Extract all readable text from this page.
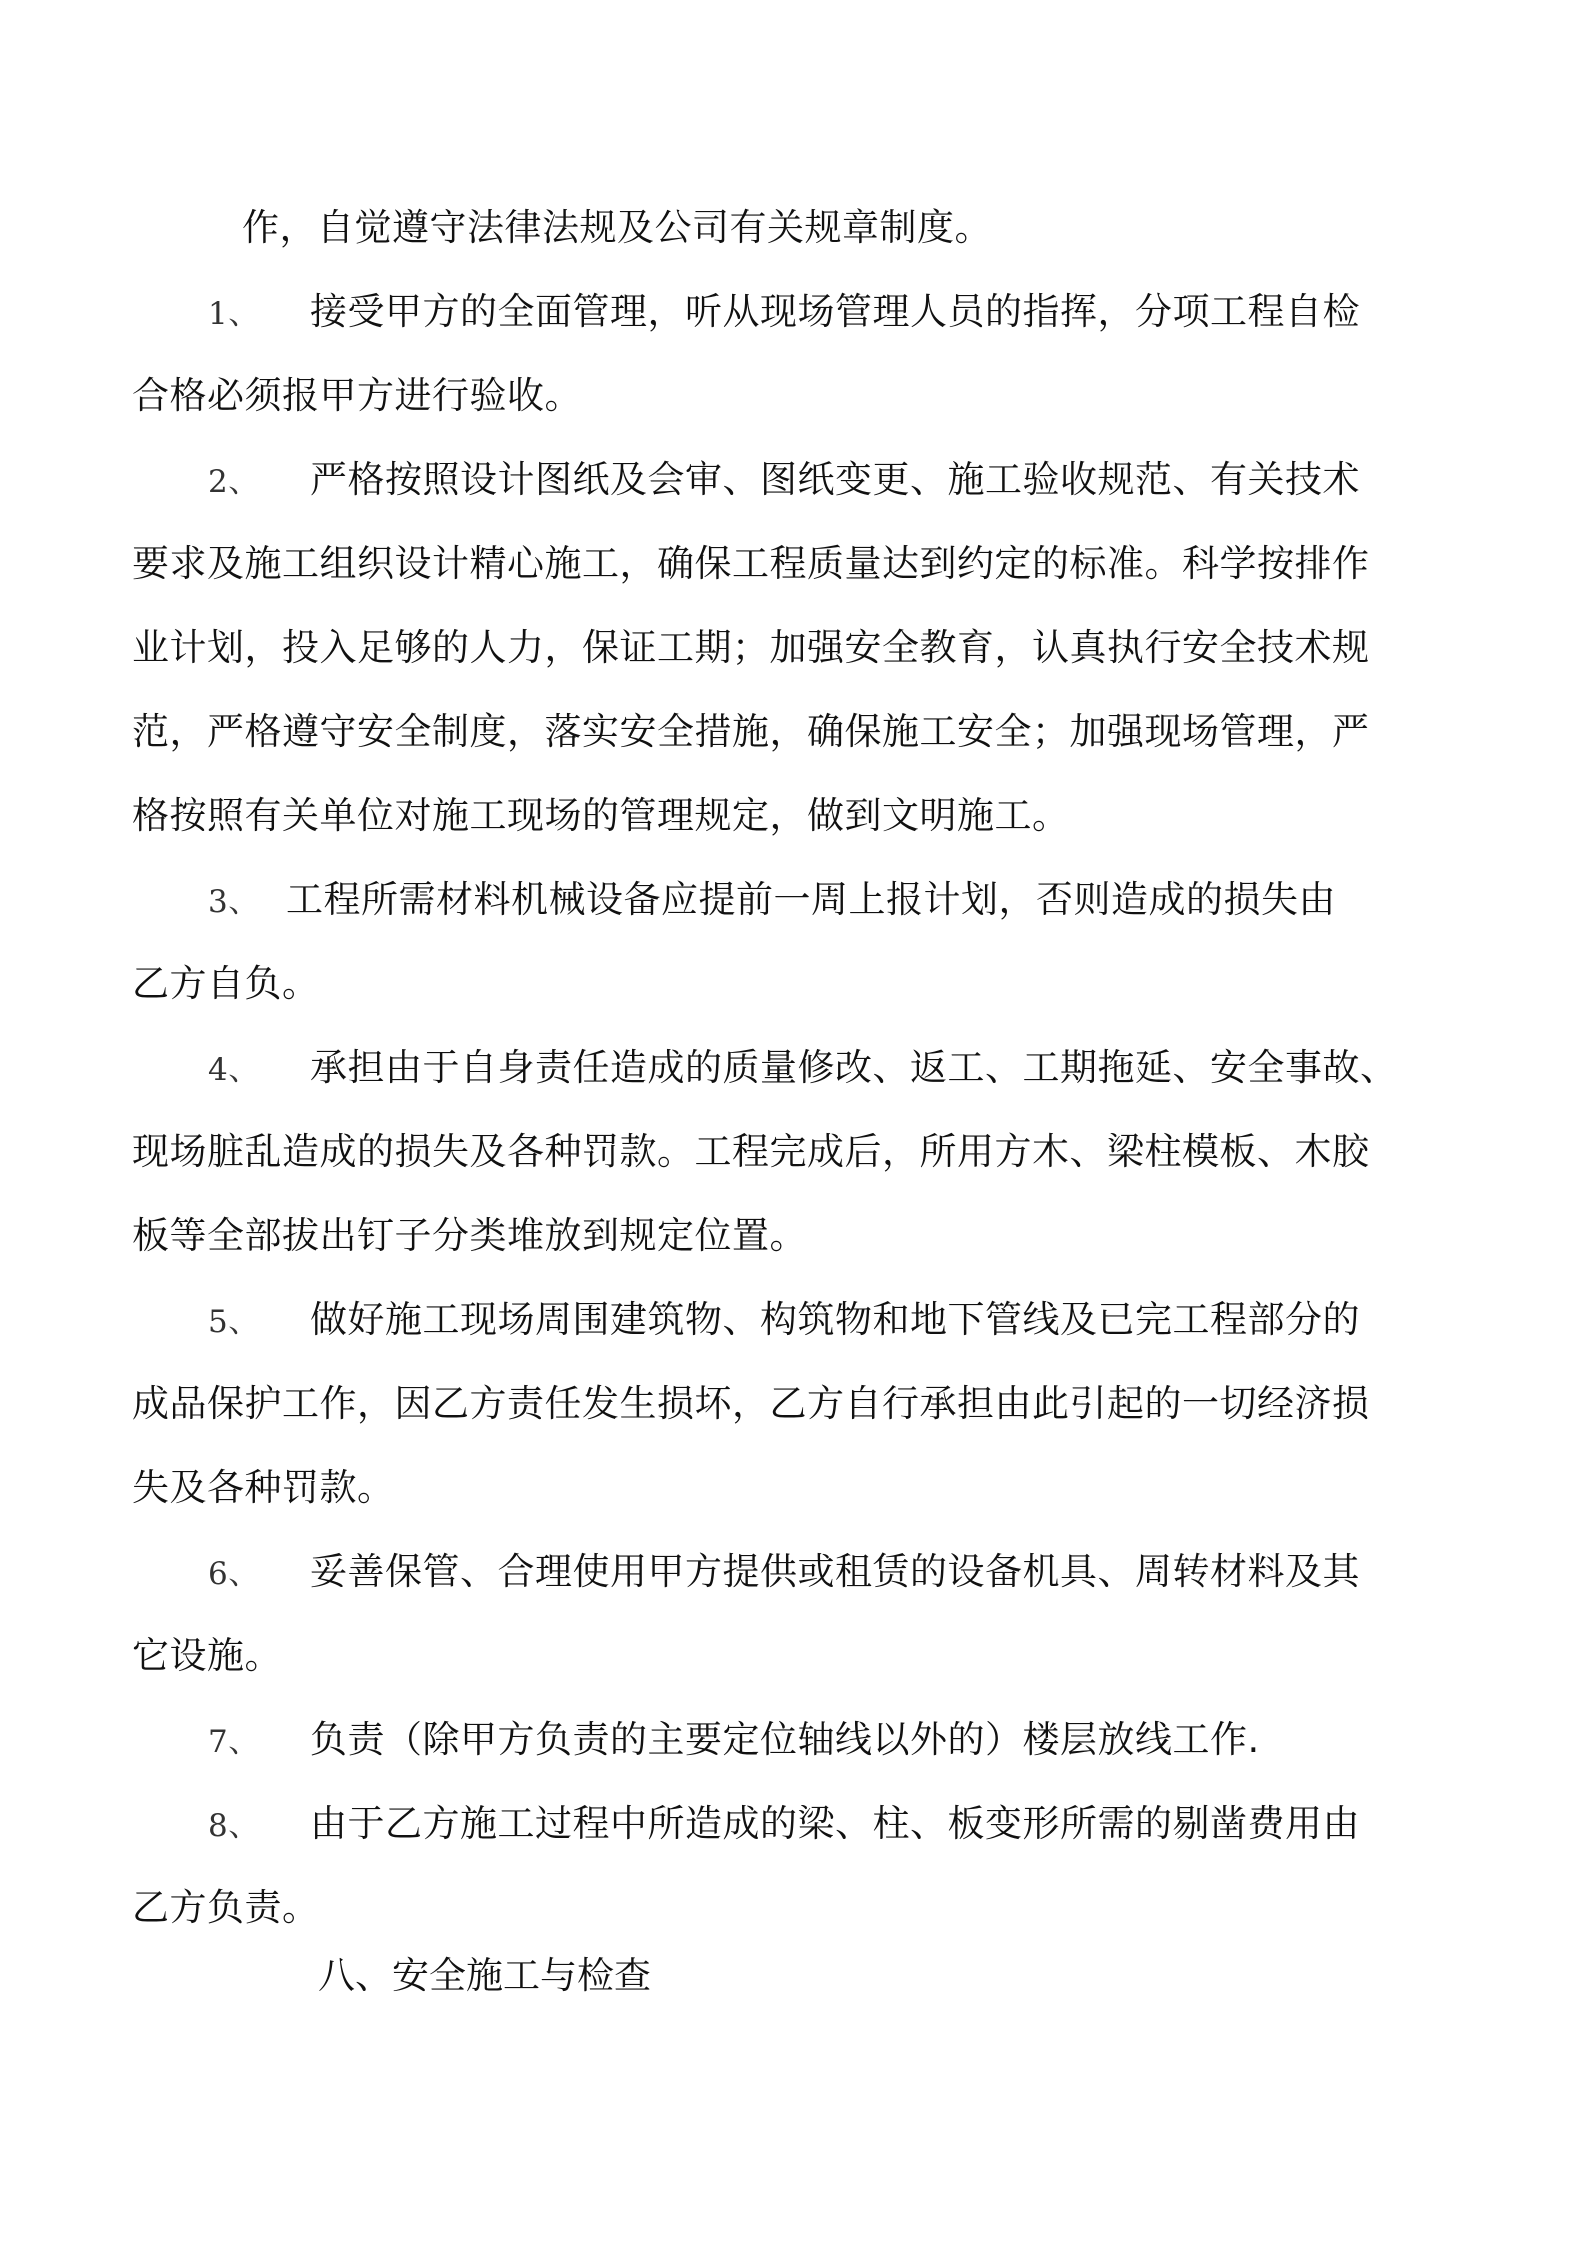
作，自觉遵守法律法规及公司有关规章制度。
1、 接受甲方的全面管理，听从现场管理人员的指挥，分项工程自检
合格必须报甲方进行验收。
2、 严格按照设计图纸及会审、图纸变更、施工验收规范、有关技术
要求及施工组织设计精心施工，确保工程质量达到约定的标准。科学按排作
业计划，投入足够的人力，保证工期；加强安全教育，认真执行安全技术规
范，严格遵守安全制度，落实安全措施，确保施工安全；加强现场管理，严
格按照有关单位对施工现场的管理规定，做到文明施工。
3、 工程所需材料机械设备应提前一周上报计划，否则造成的损失由
乙方自负。
4、 承担由于自身责任造成的质量修改、返工、工期拖延、安全事故、
现场脏乱造成的损失及各种罚款。工程完成后，所用方木、梁柱模板、木胶
板等全部拔出钉子分类堆放到规定位置。
5、 做好施工现场周围建筑物、构筑物和地下管线及已完工程部分的
成品保护工作，因乙方责任发生损坏，乙方自行承担由此引起的一切经济损
失及各种罚款。
6、 妥善保管、合理使用甲方提供或租赁的设备机具、周转材料及其
它设施。
7、 负责（除甲方负责的主要定位轴线以外的）楼层放线工作.
8、 由于乙方施工过程中所造成的梁、柱、板变形所需的剔凿费用由
乙方负责。
八、安全施工与检查
